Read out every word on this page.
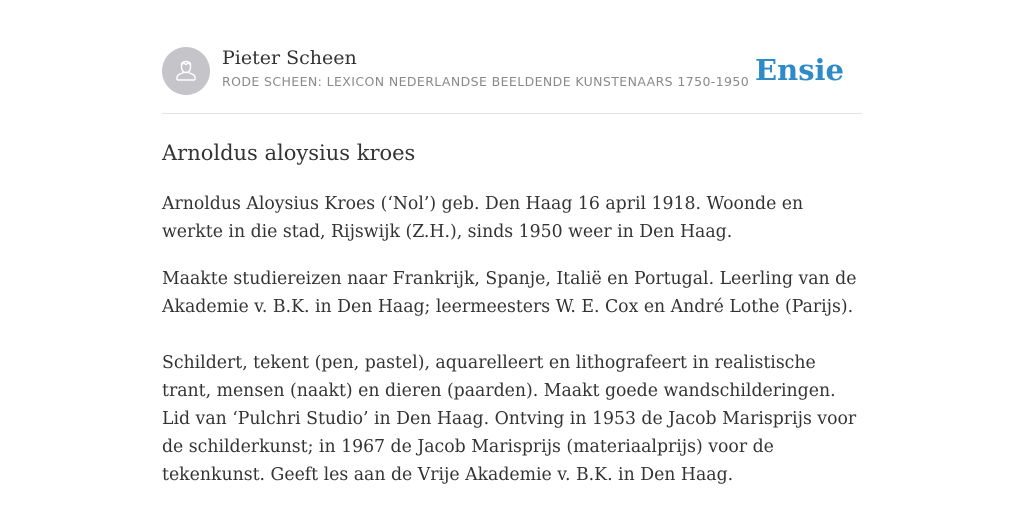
Pieter Scheen
RODE SCHEEN: LEXICON NEDERLANDSE BEELDENDE KUNSTENAARS 1750-1950 Ensie
Arnoldus aloysius kroes

Arnoldus Aloysius Kroes (‘Nol’) geb. Den Haag 16 april 1918. Woonde en werkte in die stad, Rijswijk (Z.H.), sinds 1950 weer in Den Haag.

Maakte studiereizen naar Frankrijk, Spanje, Italië en Portugal. Leerling van de Akademie v. B.K. in Den Haag; leermeesters W. E. Cox en André Lothe (Parijs).

Schildert, tekent (pen, pastel), aquarelleert en lithografeert in realistische trant, mensen (naakt) en dieren (paarden). Maakt goede wandschilderingen. Lid van ‘Pulchri Studio’ in Den Haag. Ontving in 1953 de Jacob Marisprijs voor de schilderkunst; in 1967 de Jacob Marisprijs (materiaalprijs) voor de tekenkunst. Geeft les aan de Vrije Akademie v. B.K. in Den Haag.
